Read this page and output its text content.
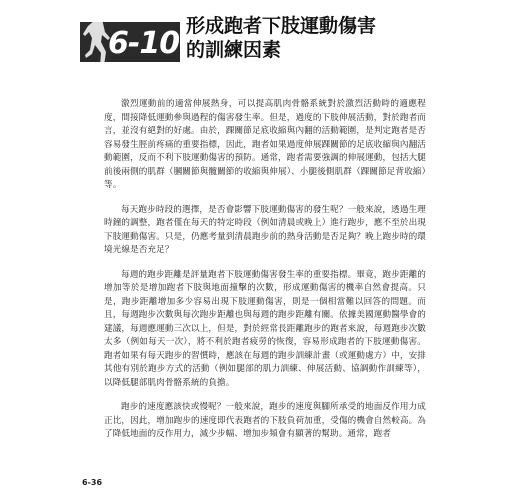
6-10 形成跑者下肢運動傷害
的訓練因素

激烈運動前的適當伸展熱身，可以提高肌肉骨骼系統對於激烈活動時的適應程度，間接降低運動參與過程的傷害發生率。但是，過度的下肢伸展活動，對於跑者而言，並沒有絕對的好處。由於，踝關節足底收縮與內翻的活動範圍，是判定跑者是否容易發生脛前疼痛的重要指標，因此，跑者如果過度伸展踝關節的足底收縮與內翻活動範圍，反而不利下肢運動傷害的預防。通常，跑者需要強調的伸展運動，包括大腿前後兩側的肌群（膕關節與髖關節的收縮與伸展）、小腿後側肌群（踝關節足背收縮）等。

每天跑步時段的選擇，是否會影響下肢運動傷害的發生呢？一般來說，透過生理時鐘的調整，跑者僅在每天的特定時段（例如清晨或晚上）進行跑步，應不至於出現下肢運動傷害。只是，仍應考量到清晨跑步前的熱身活動是否足夠？晚上跑步時的環境光線是否充足？

每週的跑步距離是評量跑者下肢運動傷害發生率的重要指標。畢竟，跑步距離的增加等於是增加跑者下肢與地面撞擊的次數，形成運動傷害的機率自然會提高。只是，跑步距離增加多少容易出現下肢運動傷害，則是一個相當難以回答的問題。而且，每週跑步次數與每次跑步距離也與每週的跑步距離有關。依據美國運動醫學會的建議，每週應運動三次以上，但是，對於經常長距離跑步的跑者來說，每週跑步次數太多（例如每天一次），將不利於跑者疲勞的恢復，容易形成跑者的下肢運動傷害。跑者如果有每天跑步的習慣時，應該在每週的跑步訓練計畫（或運動處方）中，安排其他有別於跑步方式的活動（例如腿部的肌力訓練、伸展活動、協調動作訓練等），以降低腿部肌肉骨骼系統的負擔。

跑步的速度應該快或慢呢？一般來說，跑步的速度與腳所承受的地面反作用力成正比，因此，增加跑步的速度即代表跑者的下肢負荷加重，受傷的機會自然較高。為了降低地面的反作用力，減少步幅、增加步頻會有顯著的幫助。通常，跑者

6-36
